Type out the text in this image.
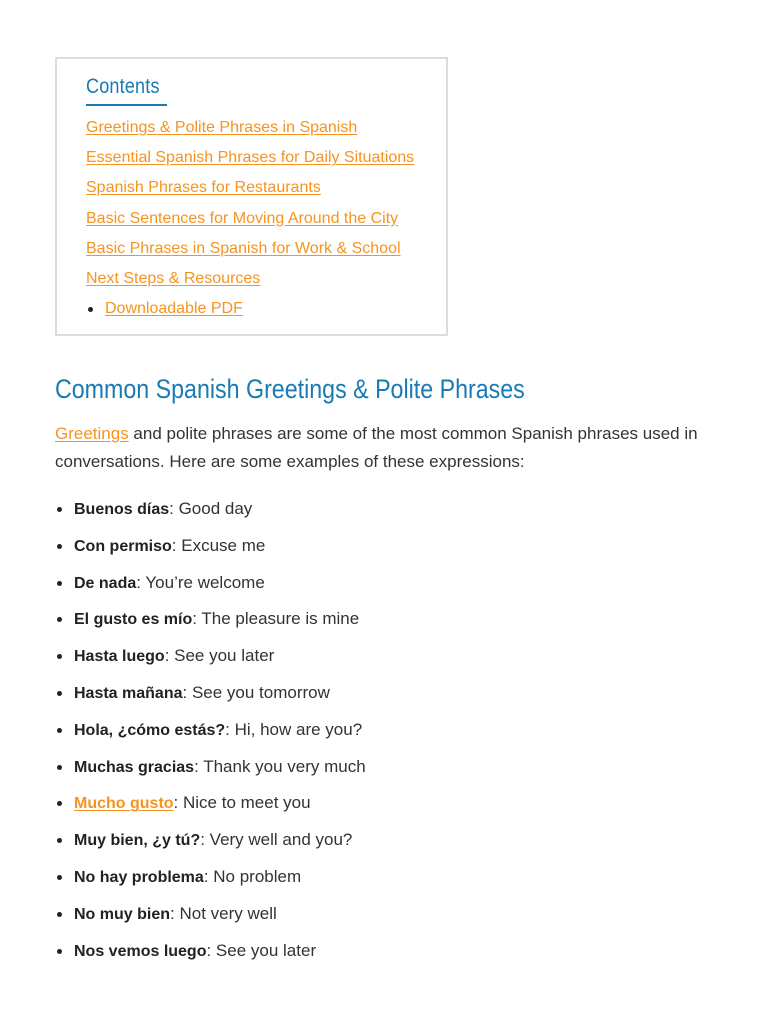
Contents
Greetings & Polite Phrases in Spanish
Essential Spanish Phrases for Daily Situations
Spanish Phrases for Restaurants
Basic Sentences for Moving Around the City
Basic Phrases in Spanish for Work & School
Next Steps & Resources
Downloadable PDF
Common Spanish Greetings & Polite Phrases

Greetings and polite phrases are some of the most common Spanish phrases used in conversations. Here are some examples of these expressions:

Buenos días: Good day
Con permiso: Excuse me
De nada: You’re welcome
El gusto es mío: The pleasure is mine
Hasta luego: See you later
Hasta mañana: See you tomorrow
Hola, ¿cómo estás?: Hi, how are you?
Muchas gracias: Thank you very much
Mucho gusto: Nice to meet you
Muy bien, ¿y tú?: Very well and you?
No hay problema: No problem
No muy bien: Not very well
Nos vemos luego: See you later
